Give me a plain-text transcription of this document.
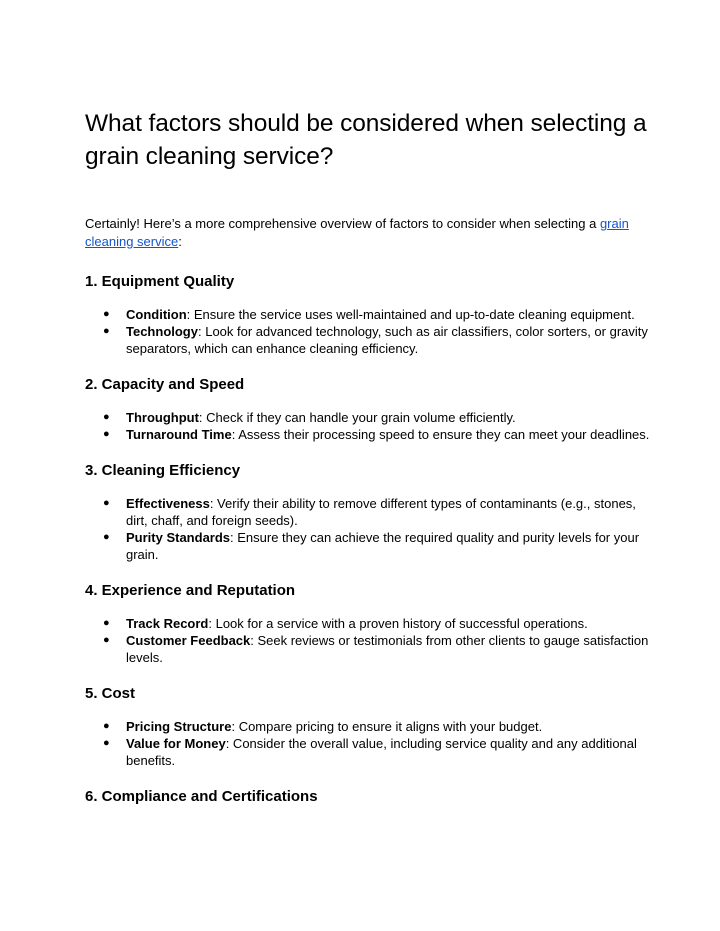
What factors should be considered when selecting a grain cleaning service?

Certainly! Here’s a more comprehensive overview of factors to consider when selecting a grain cleaning service:

1. Equipment Quality
● Condition: Ensure the service uses well-maintained and up-to-date cleaning equipment.
● Technology: Look for advanced technology, such as air classifiers, color sorters, or gravity separators, which can enhance cleaning efficiency.
2. Capacity and Speed
● Throughput: Check if they can handle your grain volume efficiently.
● Turnaround Time: Assess their processing speed to ensure they can meet your deadlines.
3. Cleaning Efficiency
● Effectiveness: Verify their ability to remove different types of contaminants (e.g., stones, dirt, chaff, and foreign seeds).
● Purity Standards: Ensure they can achieve the required quality and purity levels for your grain.
4. Experience and Reputation
● Track Record: Look for a service with a proven history of successful operations.
● Customer Feedback: Seek reviews or testimonials from other clients to gauge satisfaction levels.
5. Cost
● Pricing Structure: Compare pricing to ensure it aligns with your budget.
● Value for Money: Consider the overall value, including service quality and any additional benefits.
6. Compliance and Certifications
